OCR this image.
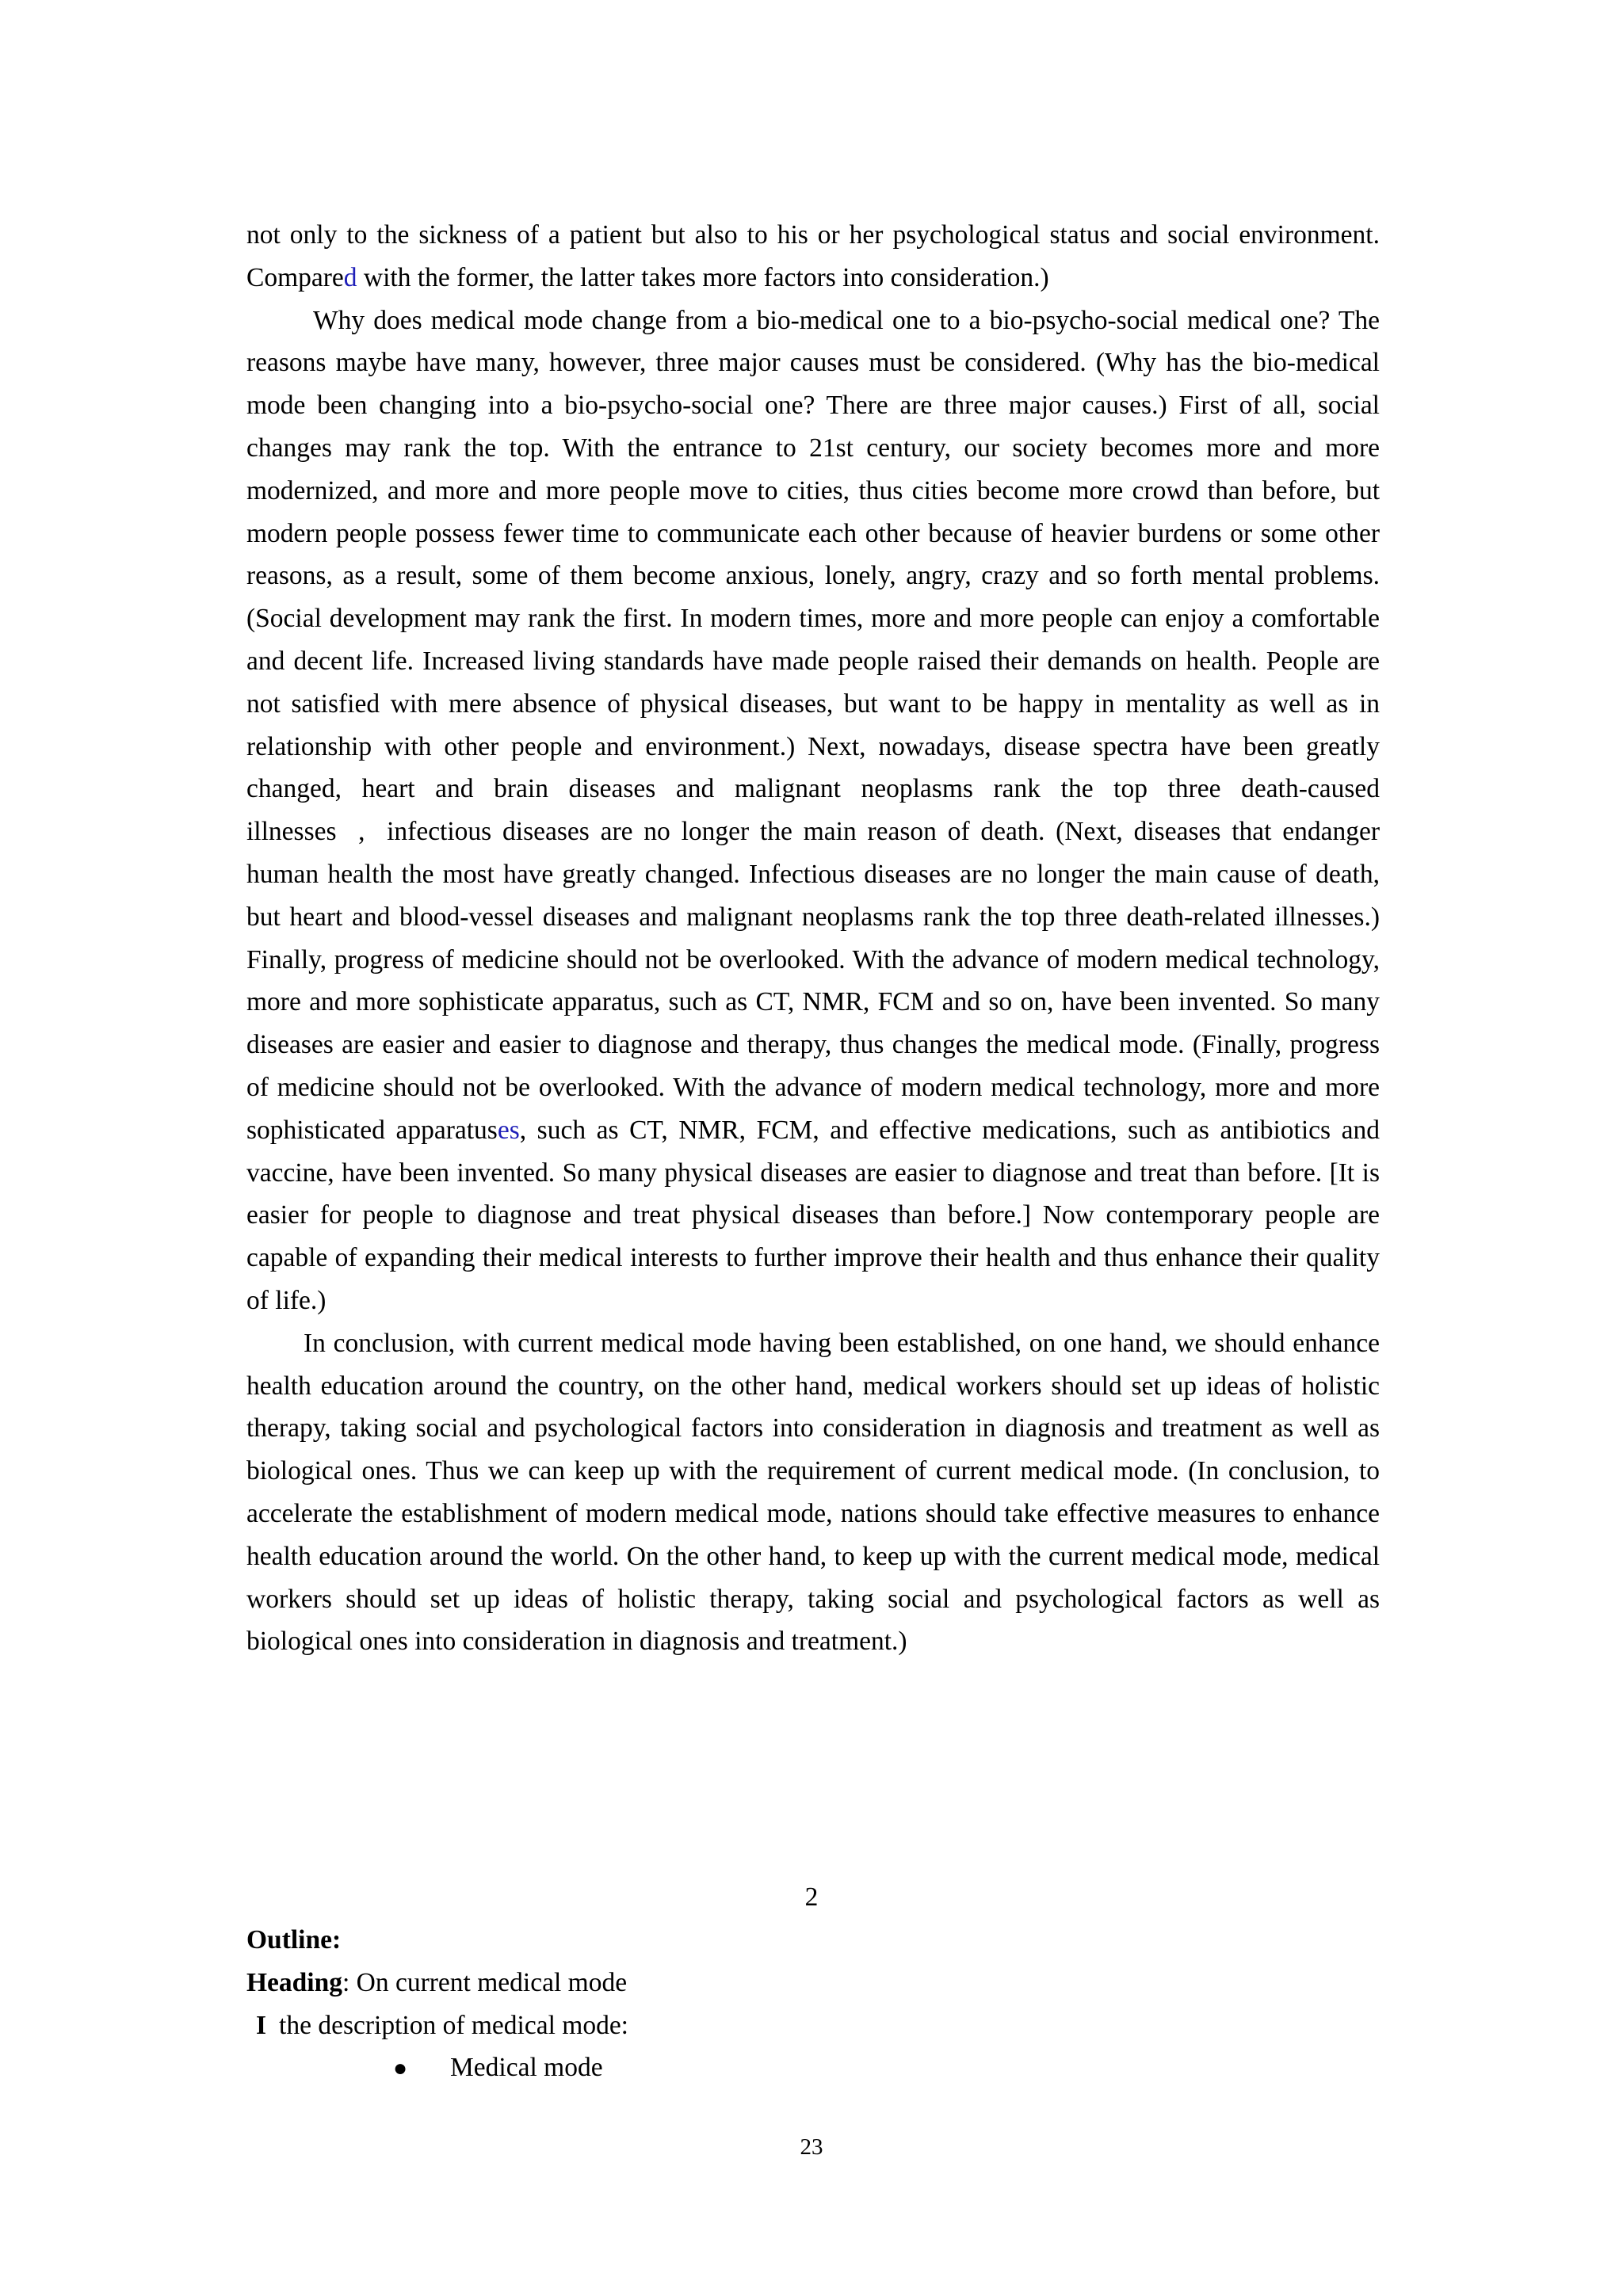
not only to the sickness of a patient but also to his or her psychological status and social environment. Compared with the former, the latter takes more factors into consideration.)

Why does medical mode change from a bio-medical one to a bio-psycho-social medical one? The reasons maybe have many, however, three major causes must be considered. (Why has the bio-medical mode been changing into a bio-psycho-social one? There are three major causes.) First of all, social changes may rank the top. With the entrance to 21st century, our society becomes more and more modernized, and more and more people move to cities, thus cities become more crowd than before, but modern people possess fewer time to communicate each other because of heavier burdens or some other reasons, as a result, some of them become anxious, lonely, angry, crazy and so forth mental problems. (Social development may rank the first. In modern times, more and more people can enjoy a comfortable and decent life. Increased living standards have made people raised their demands on health. People are not satisfied with mere absence of physical diseases, but want to be happy in mentality as well as in relationship with other people and environment.) Next, nowadays, disease spectra have been greatly changed, heart and brain diseases and malignant neoplasms rank the top three death-caused illnesses  ,  infectious diseases are no longer the main reason of death. (Next, diseases that endanger human health the most have greatly changed. Infectious diseases are no longer the main cause of death, but heart and blood-vessel diseases and malignant neoplasms rank the top three death-related illnesses.) Finally, progress of medicine should not be overlooked. With the advance of modern medical technology, more and more sophisticate apparatus, such as CT, NMR, FCM and so on, have been invented. So many diseases are easier and easier to diagnose and therapy, thus changes the medical mode. (Finally, progress of medicine should not be overlooked. With the advance of modern medical technology, more and more sophisticated apparatuses, such as CT, NMR, FCM, and effective medications, such as antibiotics and vaccine, have been invented. So many physical diseases are easier to diagnose and treat than before. [It is easier for people to diagnose and treat physical diseases than before.] Now contemporary people are capable of expanding their medical interests to further improve their health and thus enhance their quality of life.)

In conclusion, with current medical mode having been established, on one hand, we should enhance health education around the country, on the other hand, medical workers should set up ideas of holistic therapy, taking social and psychological factors into consideration in diagnosis and treatment as well as biological ones. Thus we can keep up with the requirement of current medical mode. (In conclusion, to accelerate the establishment of modern medical mode, nations should take effective measures to enhance health education around the world. On the other hand, to keep up with the current medical mode, medical workers should set up ideas of holistic therapy, taking social and psychological factors as well as biological ones into consideration in diagnosis and treatment.)

2
Outline:
Heading: On current medical mode
I the description of medical mode:
● Medical mode
23
